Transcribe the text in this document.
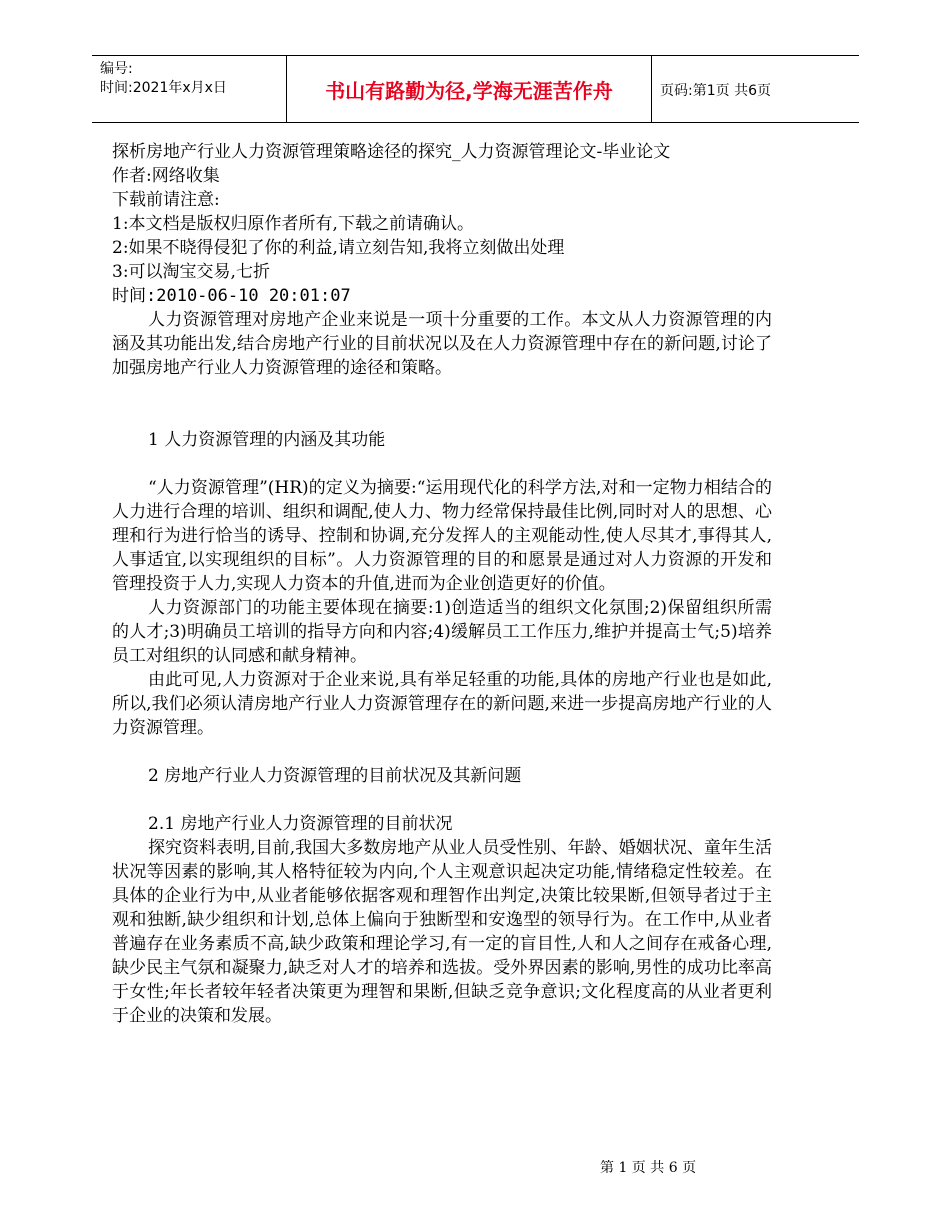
编号:
时间:2021年x月x日	书山有路勤为径,学海无涯苦作舟	页码:第1页 共6页
探析房地产行业人力资源管理策略途径的探究_人力资源管理论文-毕业论文
作者:网络收集
下载前请注意:
1:本文档是版权归原作者所有,下载之前请确认。
2:如果不晓得侵犯了你的利益,请立刻告知,我将立刻做出处理
3:可以淘宝交易,七折
时间:2010-06-10 20:01:07
人力资源管理对房地产企业来说是一项十分重要的工作。本文从人力资源管理的内涵及其功能出发,结合房地产行业的目前状况以及在人力资源管理中存在的新问题,讨论了加强房地产行业人力资源管理的途径和策略。
1 人力资源管理的内涵及其功能
“人力资源管理”(HR)的定义为摘要:“运用现代化的科学方法,对和一定物力相结合的人力进行合理的培训、组织和调配,使人力、物力经常保持最佳比例,同时对人的思想、心理和行为进行恰当的诱导、控制和协调,充分发挥人的主观能动性,使人尽其才,事得其人,人事适宜,以实现组织的目标”。人力资源管理的目的和愿景是通过对人力资源的开发和管理投资于人力,实现人力资本的升值,进而为企业创造更好的价值。
人力资源部门的功能主要体现在摘要:1)创造适当的组织文化氛围;2)保留组织所需的人才;3)明确员工培训的指导方向和内容;4)缓解员工工作压力,维护并提高士气;5)培养员工对组织的认同感和献身精神。
由此可见,人力资源对于企业来说,具有举足轻重的功能,具体的房地产行业也是如此,所以,我们必须认清房地产行业人力资源管理存在的新问题,来进一步提高房地产行业的人力资源管理。
2 房地产行业人力资源管理的目前状况及其新问题
2.1 房地产行业人力资源管理的目前状况
探究资料表明,目前,我国大多数房地产从业人员受性别、年龄、婚姻状况、童年生活状况等因素的影响,其人格特征较为内向,个人主观意识起决定功能,情绪稳定性较差。在具体的企业行为中,从业者能够依据客观和理智作出判定,决策比较果断,但领导者过于主观和独断,缺少组织和计划,总体上偏向于独断型和安逸型的领导行为。在工作中,从业者普遍存在业务素质不高,缺少政策和理论学习,有一定的盲目性,人和人之间存在戒备心理,缺少民主气氛和凝聚力,缺乏对人才的培养和选拔。受外界因素的影响,男性的成功比率高于女性;年长者较年轻者决策更为理智和果断,但缺乏竞争意识;文化程度高的从业者更利于企业的决策和发展。
第 1 页 共 6 页
